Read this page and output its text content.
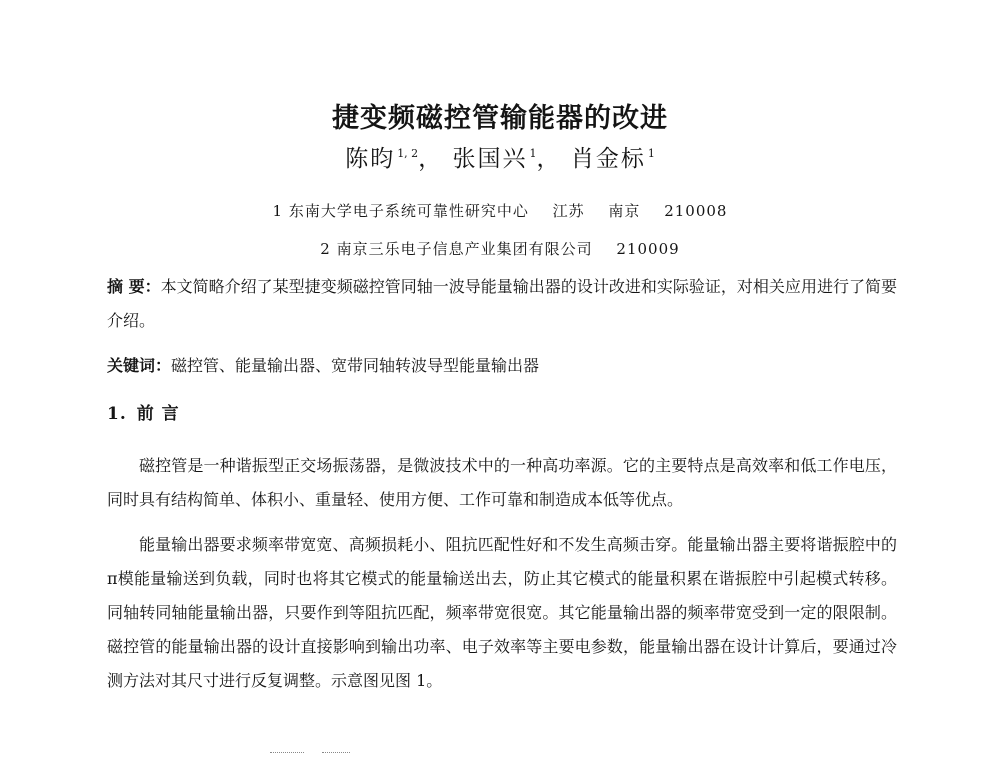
捷变频磁控管输能器的改进
陈昀 $^{1, 2}$， 张国兴 $^1$， 肖金标 $^1$
1 东南大学电子系统可靠性研究中心 江苏 南京 210008
2 南京三乐电子信息产业集团有限公司 210009

摘 要：本文简略介绍了某型捷变频磁控管同轴一波导能量输出器的设计改进和实际验证，对相关应用进行了简要介绍。

关键词：磁控管、能量输出器、宽带同轴转波导型能量输出器

1. 前 言

磁控管是一种谐振型正交场振荡器，是微波技术中的一种高功率源。它的主要特点是高效率和低工作电压，同时具有结构简单、体积小、重量轻、使用方便、工作可靠和制造成本低等优点。

能量输出器要求频率带宽宽、高频损耗小、阻抗匹配性好和不发生高频击穿。能量输出器主要将谐振腔中的π模能量输送到负载，同时也将其它模式的能量输送出去，防止其它模式的能量积累在谐振腔中引起模式转移。同轴转同轴能量输出器，只要作到等阻抗匹配，频率带宽很宽。其它能量输出器的频率带宽受到一定的限限制。磁控管的能量输出器的设计直接影响到输出功率、电子效率等主要电参数，能量输出器在设计计算后，要通过冷测方法对其尺寸进行反复调整。示意图见图 1。
